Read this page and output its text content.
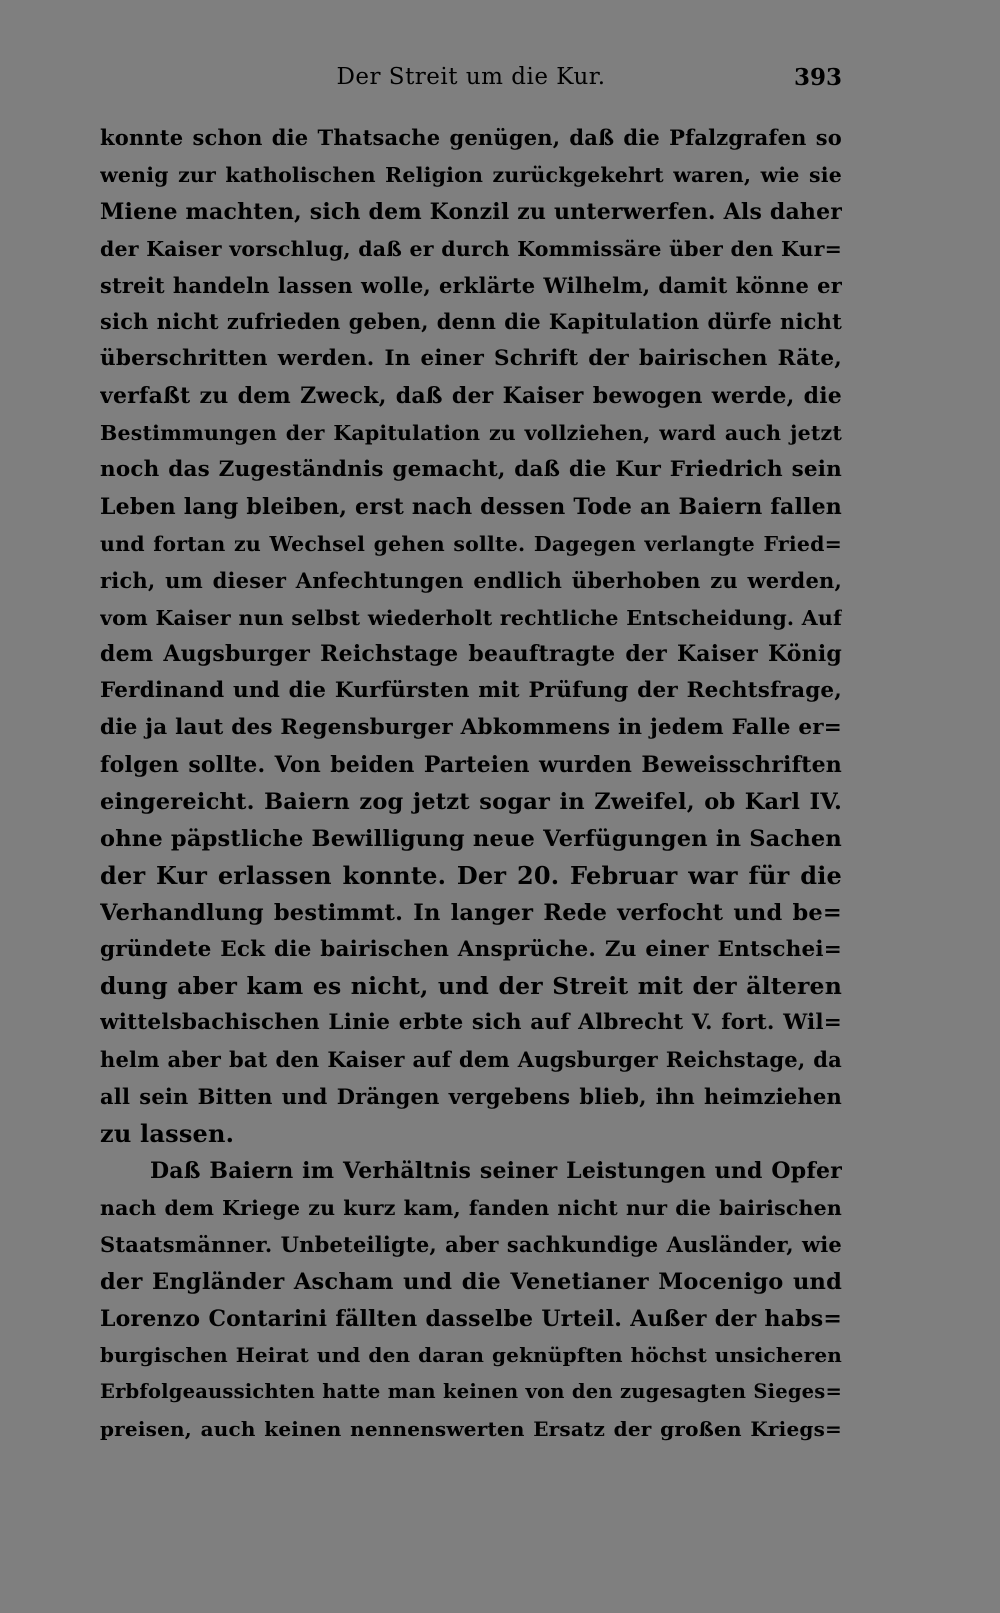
Der Streit um die Kur.	393
konnte schon die Thatsache genügen, daß die Pfalzgrafen so
wenig zur katholischen Religion zurückgekehrt waren, wie sie
Miene machten, sich dem Konzil zu unterwerfen. Als daher
der Kaiser vorschlug, daß er durch Kommissäre über den Kur=
streit handeln lassen wolle, erklärte Wilhelm, damit könne er
sich nicht zufrieden geben, denn die Kapitulation dürfe nicht
überschritten werden. In einer Schrift der bairischen Räte,
verfaßt zu dem Zweck, daß der Kaiser bewogen werde, die
Bestimmungen der Kapitulation zu vollziehen, ward auch jetzt
noch das Zugeständnis gemacht, daß die Kur Friedrich sein
Leben lang bleiben, erst nach dessen Tode an Baiern fallen
und fortan zu Wechsel gehen sollte. Dagegen verlangte Fried=
rich, um dieser Anfechtungen endlich überhoben zu werden,
vom Kaiser nun selbst wiederholt rechtliche Entscheidung. Auf
dem Augsburger Reichstage beauftragte der Kaiser König
Ferdinand und die Kurfürsten mit Prüfung der Rechtsfrage,
die ja laut des Regensburger Abkommens in jedem Falle er=
folgen sollte. Von beiden Parteien wurden Beweisschriften
eingereicht. Baiern zog jetzt sogar in Zweifel, ob Karl IV.
ohne päpstliche Bewilligung neue Verfügungen in Sachen
der Kur erlassen konnte. Der 20. Februar war für die
Verhandlung bestimmt. In langer Rede verfocht und be=
gründete Eck die bairischen Ansprüche. Zu einer Entschei=
dung aber kam es nicht, und der Streit mit der älteren
wittelsbachischen Linie erbte sich auf Albrecht V. fort. Wil=
helm aber bat den Kaiser auf dem Augsburger Reichstage, da
all sein Bitten und Drängen vergebens blieb, ihn heimziehen
zu lassen.
Daß Baiern im Verhältnis seiner Leistungen und Opfer
nach dem Kriege zu kurz kam, fanden nicht nur die bairischen
Staatsmänner. Unbeteiligte, aber sachkundige Ausländer, wie
der Engländer Ascham und die Venetianer Mocenigo und
Lorenzo Contarini fällten dasselbe Urteil. Außer der habs=
burgischen Heirat und den daran geknüpften höchst unsicheren
Erbfolgeaussichten hatte man keinen von den zugesagten Sieges=
preisen, auch keinen nennenswerten Ersatz der großen Kriegs=
